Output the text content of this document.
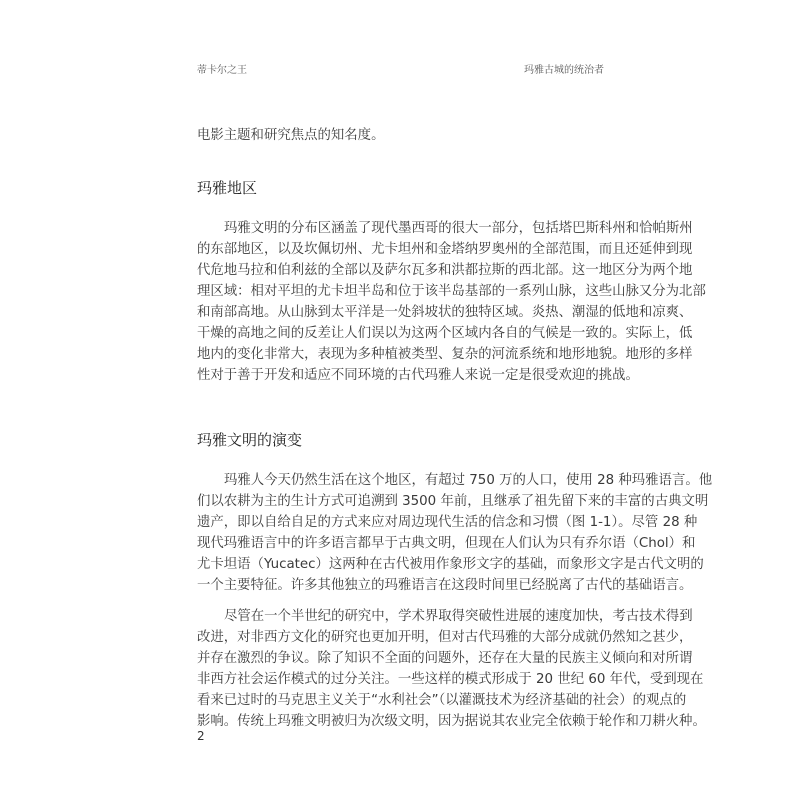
蒂卡尔之王	玛雅古城的统治者
电影主题和研究焦点的知名度。
玛雅地区
玛雅文明的分布区涵盖了现代墨西哥的很大一部分，包括塔巴斯科州和恰帕斯州
的东部地区，以及坎佩切州、尤卡坦州和金塔纳罗奥州的全部范围，而且还延伸到现
代危地马拉和伯利兹的全部以及萨尔瓦多和洪都拉斯的西北部。这一地区分为两个地
理区域：相对平坦的尤卡坦半岛和位于该半岛基部的一系列山脉，这些山脉又分为北部
和南部高地。从山脉到太平洋是一处斜坡状的独特区域。炎热、潮湿的低地和凉爽、
干燥的高地之间的反差让人们误以为这两个区域内各自的气候是一致的。实际上，低
地内的变化非常大，表现为多种植被类型、复杂的河流系统和地形地貌。地形的多样
性对于善于开发和适应不同环境的古代玛雅人来说一定是很受欢迎的挑战。
玛雅文明的演变
玛雅人今天仍然生活在这个地区，有超过 750 万的人口，使用 28 种玛雅语言。他
们以农耕为主的生计方式可追溯到 3500 年前，且继承了祖先留下来的丰富的古典文明
遗产，即以自给自足的方式来应对周边现代生活的信念和习惯（图 1-1）。尽管 28 种
现代玛雅语言中的许多语言都早于古典文明，但现在人们认为只有乔尔语（Chol）和
尤卡坦语（Yucatec）这两种在古代被用作象形文字的基础，而象形文字是古代文明的
一个主要特征。许多其他独立的玛雅语言在这段时间里已经脱离了古代的基础语言。
尽管在一个半世纪的研究中，学术界取得突破性进展的速度加快，考古技术得到
改进，对非西方文化的研究也更加开明，但对古代玛雅的大部分成就仍然知之甚少，
并存在激烈的争议。除了知识不全面的问题外，还存在大量的民族主义倾向和对所谓
非西方社会运作模式的过分关注。一些这样的模式形成于 20 世纪 60 年代，受到现在
看来已过时的马克思主义关于“水利社会”（以灌溉技术为经济基础的社会）的观点的
影响。传统上玛雅文明被归为次级文明，因为据说其农业完全依赖于轮作和刀耕火种。
2
